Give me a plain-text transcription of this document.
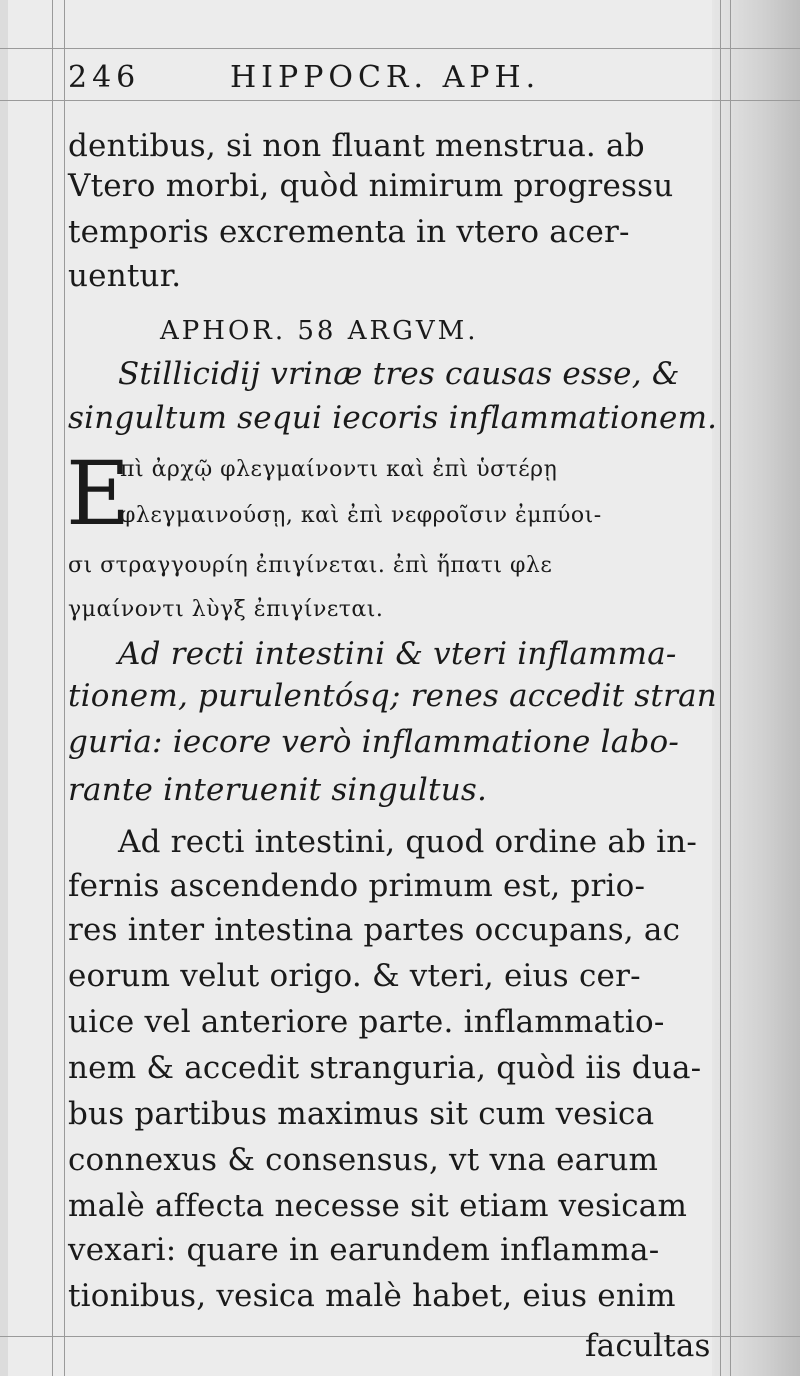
246	HIPPOCR. APH.
dentibus, si non fluant menstrua. ab
Vtero morbi, quòd nimirum progressu
temporis excrementa in vtero acer-
uentur.
APHOR. 58 ARGVM.
Stillicidij vrinæ tres causas esse, &
singultum sequi iecoris inflammationem.
E
πὶ ἀρχῷ φλεγμαίνοντι καὶ ἐπὶ ὑστέρῃ
φλεγμαινούσῃ, καὶ ἐπὶ νεφροῖσιν ἐμπύοι-
σι στραγγουρίη ἐπιγίνεται. ἐπὶ ἥπατι φλε
γμαίνοντι λὺγξ ἐπιγίνεται.
Ad recti intestini & vteri inflamma-
tionem, purulentósq; renes accedit stran
guria: iecore verò inflammatione labo-
rante interuenit singultus.
Ad recti intestini, quod ordine ab in-
fernis ascendendo primum est, prio-
res inter intestina partes occupans, ac
eorum velut origo. & vteri, eius cer-
uice vel anteriore parte. inflammatio-
nem & accedit stranguria, quòd iis dua-
bus partibus maximus sit cum vesica
connexus & consensus, vt vna earum
malè affecta necesse sit etiam vesicam
vexari: quare in earundem inflamma-
tionibus, vesica malè habet, eius enim
facultas
